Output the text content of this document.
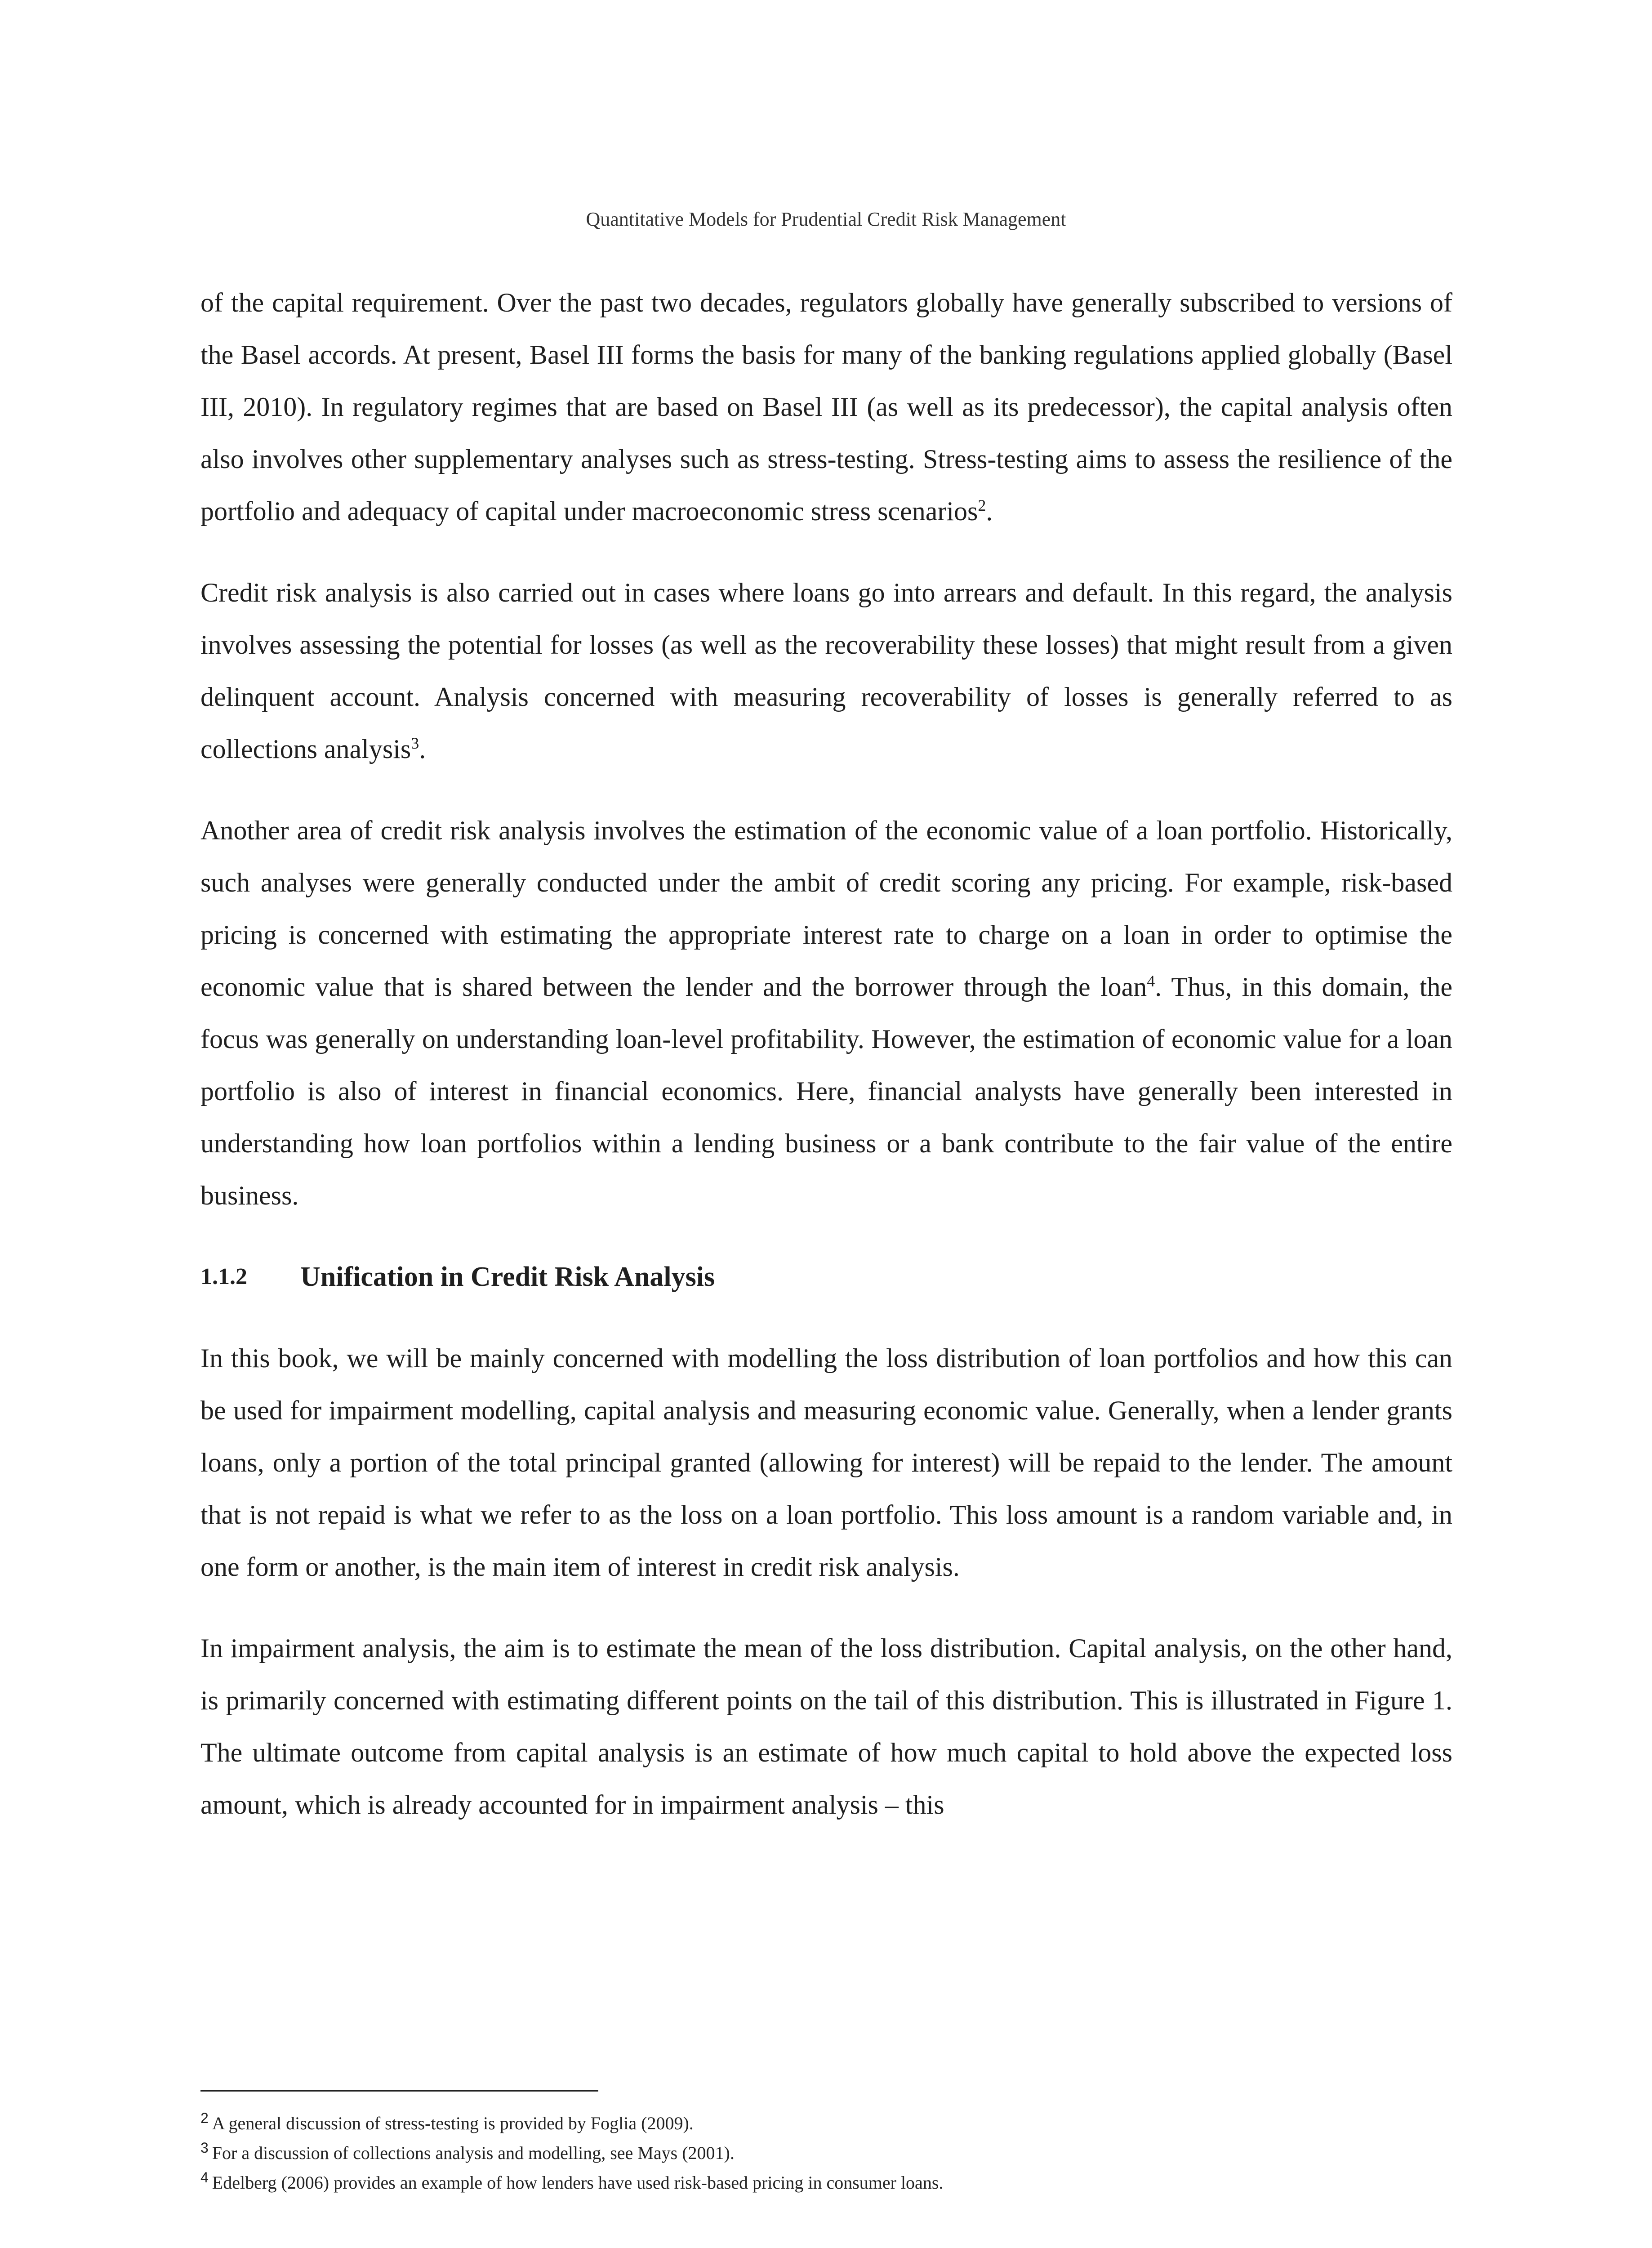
Quantitative Models for Prudential Credit Risk Management

of the capital requirement. Over the past two decades, regulators globally have generally subscribed to versions of the Basel accords. At present, Basel III forms the basis for many of the banking regulations applied globally (Basel III, 2010). In regulatory regimes that are based on Basel III (as well as its predecessor), the capital analysis often also involves other supplementary analyses such as stress-testing. Stress-testing aims to assess the resilience of the portfolio and adequacy of capital under macroeconomic stress scenarios$^2$.

Credit risk analysis is also carried out in cases where loans go into arrears and default. In this regard, the analysis involves assessing the potential for losses (as well as the recoverability these losses) that might result from a given delinquent account. Analysis concerned with measuring recoverability of losses is generally referred to as collections analysis$^3$.

Another area of credit risk analysis involves the estimation of the economic value of a loan portfolio. Historically, such analyses were generally conducted under the ambit of credit scoring any pricing. For example, risk-based pricing is concerned with estimating the appropriate interest rate to charge on a loan in order to optimise the economic value that is shared between the lender and the borrower through the loan$^4$. Thus, in this domain, the focus was generally on understanding loan-level profitability. However, the estimation of economic value for a loan portfolio is also of interest in financial economics. Here, financial analysts have generally been interested in understanding how loan portfolios within a lending business or a bank contribute to the fair value of the entire business.

1.1.2	Unification in Credit Risk Analysis

In this book, we will be mainly concerned with modelling the loss distribution of loan portfolios and how this can be used for impairment modelling, capital analysis and measuring economic value. Generally, when a lender grants loans, only a portion of the total principal granted (allowing for interest) will be repaid to the lender. The amount that is not repaid is what we refer to as the loss on a loan portfolio. This loss amount is a random variable and, in one form or another, is the main item of interest in credit risk analysis.

In impairment analysis, the aim is to estimate the mean of the loss distribution. Capital analysis, on the other hand, is primarily concerned with estimating different points on the tail of this distribution. This is illustrated in Figure 1. The ultimate outcome from capital analysis is an estimate of how much capital to hold above the expected loss amount, which is already accounted for in impairment analysis – this

$^2$ A general discussion of stress-testing is provided by Foglia (2009).
$^3$ For a discussion of collections analysis and modelling, see Mays (2001).
$^4$ Edelberg (2006) provides an example of how lenders have used risk-based pricing in consumer loans.
